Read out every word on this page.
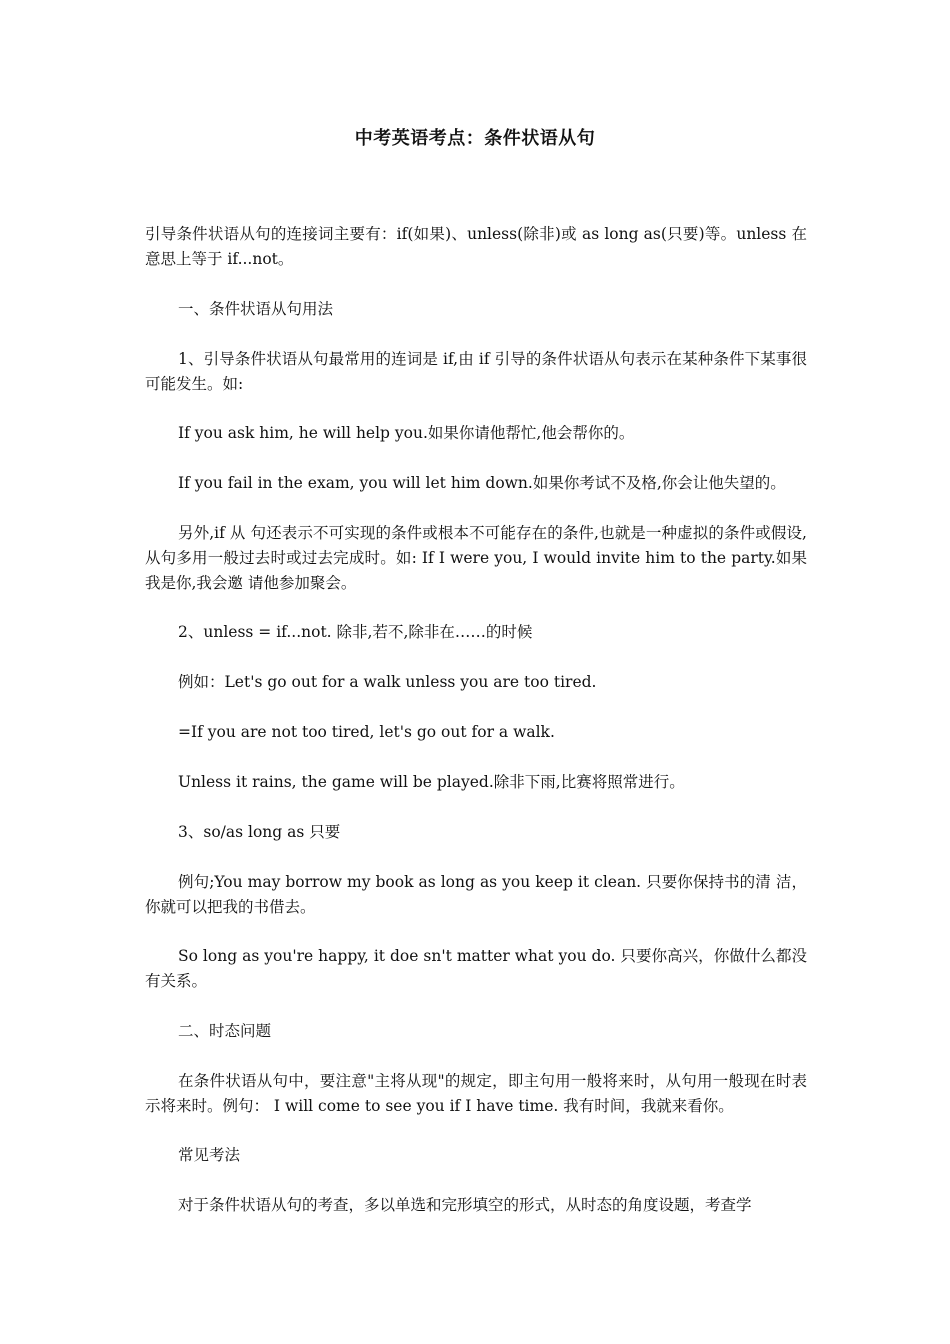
中考英语考点：条件状语从句

引导条件状语从句的连接词主要有：if(如果)、unless(除非)或 as long as(只要)等。unless 在意思上等于 if...not。

一、条件状语从句用法

1、引导条件状语从句最常用的连词是 if,由 if 引导的条件状语从句表示在某种条件下某事很可能发生。如:

If you ask him, he will help you.如果你请他帮忙,他会帮你的。

If you fail in the exam, you will let him down.如果你考试不及格,你会让他失望的。

另外,if 从 句还表示不可实现的条件或根本不可能存在的条件,也就是一种虚拟的条件或假设,从句多用一般过去时或过去完成时。如: If I were you, I would invite him to the party.如果我是你,我会邀 请他参加聚会。

2、unless = if...not. 除非,若不,除非在……的时候

例如：Let's go out for a walk unless you are too tired.

=If you are not too tired, let's go out for a walk.

Unless it rains, the game will be played.除非下雨,比赛将照常进行。

3、so/as long as 只要

例句;You may borrow my book as long as you keep it clean. 只要你保持书的清 洁，你就可以把我的书借去。

So long as you're happy, it doe sn't matter what you do. 只要你高兴，你做什么都没有关系。

二、时态问题

在条件状语从句中，要注意"主将从现"的规定，即主句用一般将来时，从句用一般现在时表示将来时。例句： I will come to see you if I have time. 我有时间，我就来看你。

常见考法

对于条件状语从句的考查，多以单选和完形填空的形式，从时态的角度设题，考查学
